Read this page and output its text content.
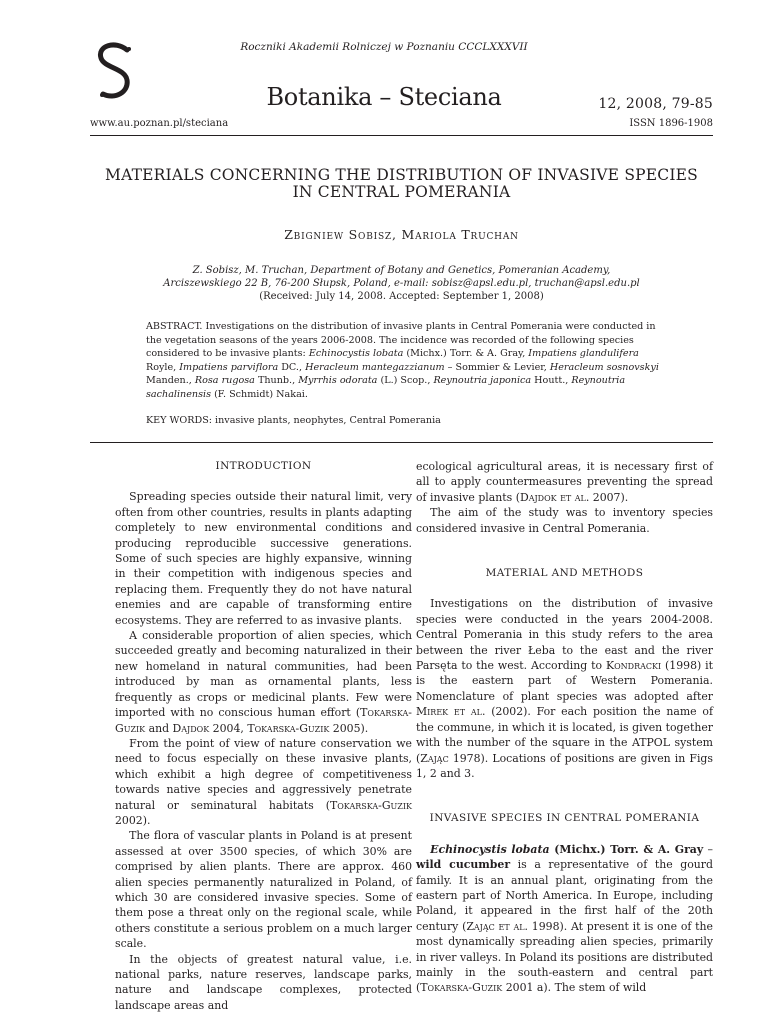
Roczniki Akademii Rolniczej w Poznaniu CCCLXXXVII
Botanika – Steciana	12, 2008, 79-85
www.au.poznan.pl/steciana	ISSN 1896-1908
MATERIALS CONCERNING THE DISTRIBUTION OF INVASIVE SPECIES
IN CENTRAL POMERANIA
Zbigniew Sobisz, Mariola Truchan
Z. Sobisz, M. Truchan, Department of Botany and Genetics, Pomeranian Academy,
Arciszewskiego 22 B, 76-200 Słupsk, Poland, e-mail: sobisz@apsl.edu.pl, truchan@apsl.edu.pl
(Received: July 14, 2008. Accepted: September 1, 2008)
ABSTRACT. Investigations on the distribution of invasive plants in Central Pomerania were conducted in the vegetation seasons of the years 2006-2008. The incidence was recorded of the following species considered to be invasive plants: Echinocystis lobata (Michx.) Torr. & A. Gray, Impatiens glandulifera Royle, Impatiens parviflora DC., Heracleum mantegazzianum – Sommier & Levier, Heracleum sosnovskyi Manden., Rosa rugosa Thunb., Myrrhis odorata (L.) Scop., Reynoutria japonica Houtt., Reynoutria sachalinensis (F. Schmidt) Nakai.
KEY WORDS: invasive plants, neophytes, Central Pomerania
INTRODUCTION

Spreading species outside their natural limit, very often from other countries, results in plants adapting completely to new environmental conditions and producing reproducible successive generations. Some of such species are highly expansive, winning in their competition with indigenous species and replacing them. Frequently they do not have natural enemies and are capable of transforming entire ecosystems. They are referred to as invasive plants.

A considerable proportion of alien species, which succeeded greatly and becoming naturalized in their new homeland in natural communities, had been introduced by man as ornamental plants, less frequently as crops or medicinal plants. Few were imported with no conscious human effort (Tokarska-Guzik and Dajdok 2004, Tokarska-Guzik 2005).

From the point of view of nature conservation we need to focus especially on these invasive plants, which exhibit a high degree of competitiveness towards native species and aggressively penetrate natural or seminatural habitats (Tokarska-Guzik 2002).

The flora of vascular plants in Poland is at present assessed at over 3500 species, of which 30% are comprised by alien plants. There are approx. 460 alien species permanently naturalized in Poland, of which 30 are considered invasive species. Some of them pose a threat only on the regional scale, while others constitute a serious problem on a much larger scale.

In the objects of greatest natural value, i.e. national parks, nature reserves, landscape parks, nature and landscape complexes, protected landscape areas and

ecological agricultural areas, it is necessary first of all to apply countermeasures preventing the spread of invasive plants (Dajdok et al. 2007).

The aim of the study was to inventory species considered invasive in Central Pomerania.

MATERIAL AND METHODS

Investigations on the distribution of invasive species were conducted in the years 2004-2008. Central Pomerania in this study refers to the area between the river Łeba to the east and the river Parsęta to the west. According to Kondracki (1998) it is the eastern part of Western Pomerania. Nomenclature of plant species was adopted after Mirek et al. (2002). For each position the name of the commune, in which it is located, is given together with the number of the square in the ATPOL system (Zając 1978). Locations of positions are given in Figs 1, 2 and 3.

INVASIVE SPECIES IN CENTRAL POMERANIA

Echinocystis lobata (Michx.) Torr. & A. Gray – wild cucumber is a representative of the gourd family. It is an annual plant, originating from the eastern part of North America. In Europe, including Poland, it appeared in the first half of the 20th century (Zając et al. 1998). At present it is one of the most dynamically spreading alien species, primarily in river valleys. In Poland its positions are distributed mainly in the south-eastern and central part (Tokarska-Guzik 2001 a). The stem of wild
